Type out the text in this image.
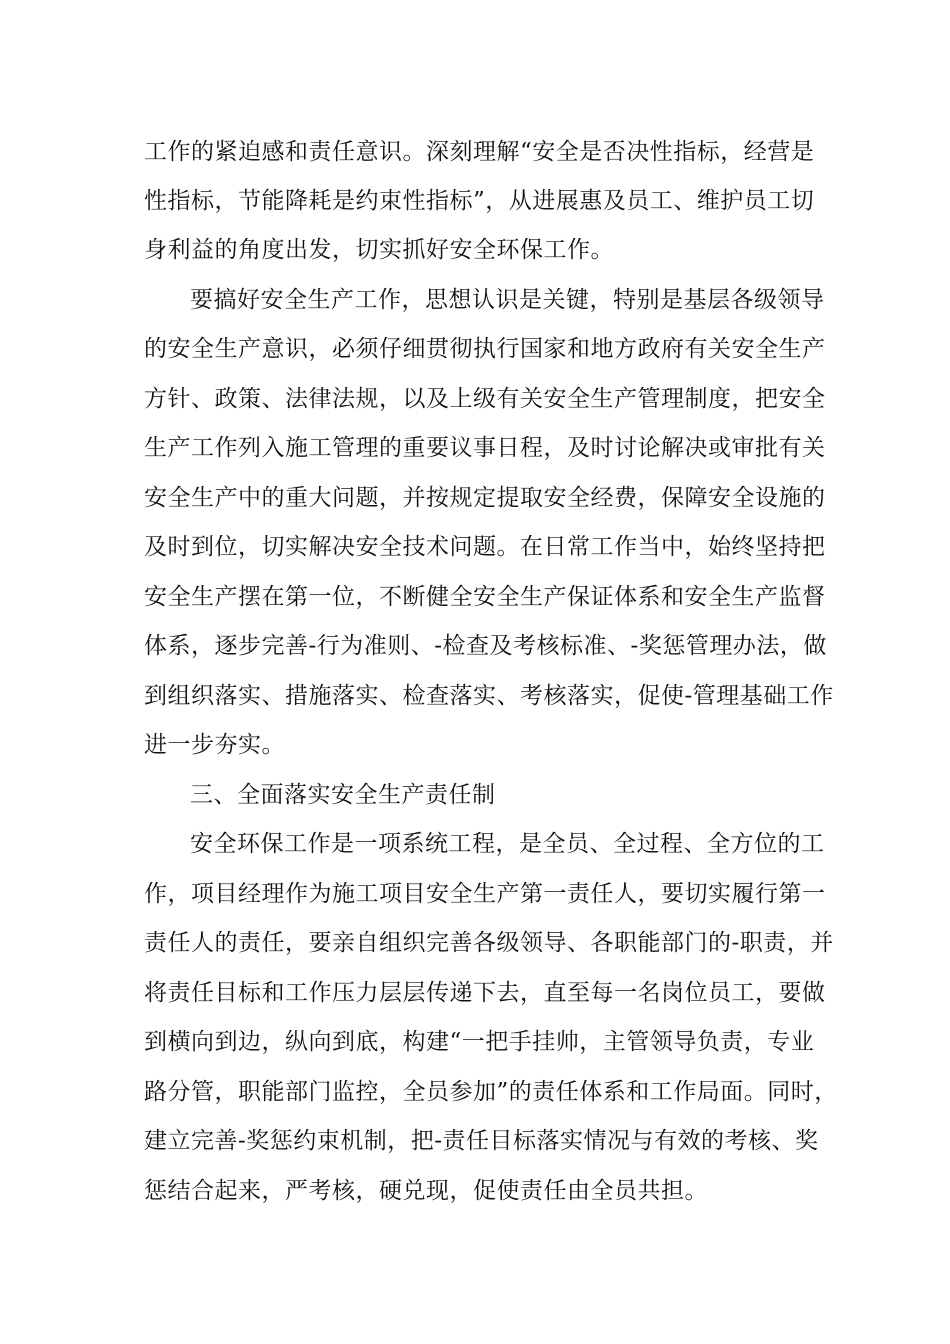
工作的紧迫感和责任意识。深刻理解“安全是否决性指标，经营是

性指标，节能降耗是约束性指标”，从进展惠及员工、维护员工切

身利益的角度出发，切实抓好安全环保工作。

要搞好安全生产工作，思想认识是关键，特别是基层各级领导

的安全生产意识，必须仔细贯彻执行国家和地方政府有关安全生产

方针、政策、法律法规，以及上级有关安全生产管理制度，把安全

生产工作列入施工管理的重要议事日程，及时讨论解决或审批有关

安全生产中的重大问题，并按规定提取安全经费，保障安全设施的

及时到位，切实解决安全技术问题。在日常工作当中，始终坚持把

安全生产摆在第一位，不断健全安全生产保证体系和安全生产监督

体系，逐步完善-行为准则、-检查及考核标准、-奖惩管理办法，做

到组织落实、措施落实、检查落实、考核落实，促使-管理基础工作

进一步夯实。

三、全面落实安全生产责任制

安全环保工作是一项系统工程，是全员、全过程、全方位的工

作，项目经理作为施工项目安全生产第一责任人，要切实履行第一

责任人的责任，要亲自组织完善各级领导、各职能部门的-职责，并

将责任目标和工作压力层层传递下去，直至每一名岗位员工，要做

到横向到边，纵向到底，构建“一把手挂帅，主管领导负责，专业

路分管，职能部门监控，全员参加”的责任体系和工作局面。同时，

建立完善-奖惩约束机制，把-责任目标落实情况与有效的考核、奖

惩结合起来，严考核，硬兑现，促使责任由全员共担。
